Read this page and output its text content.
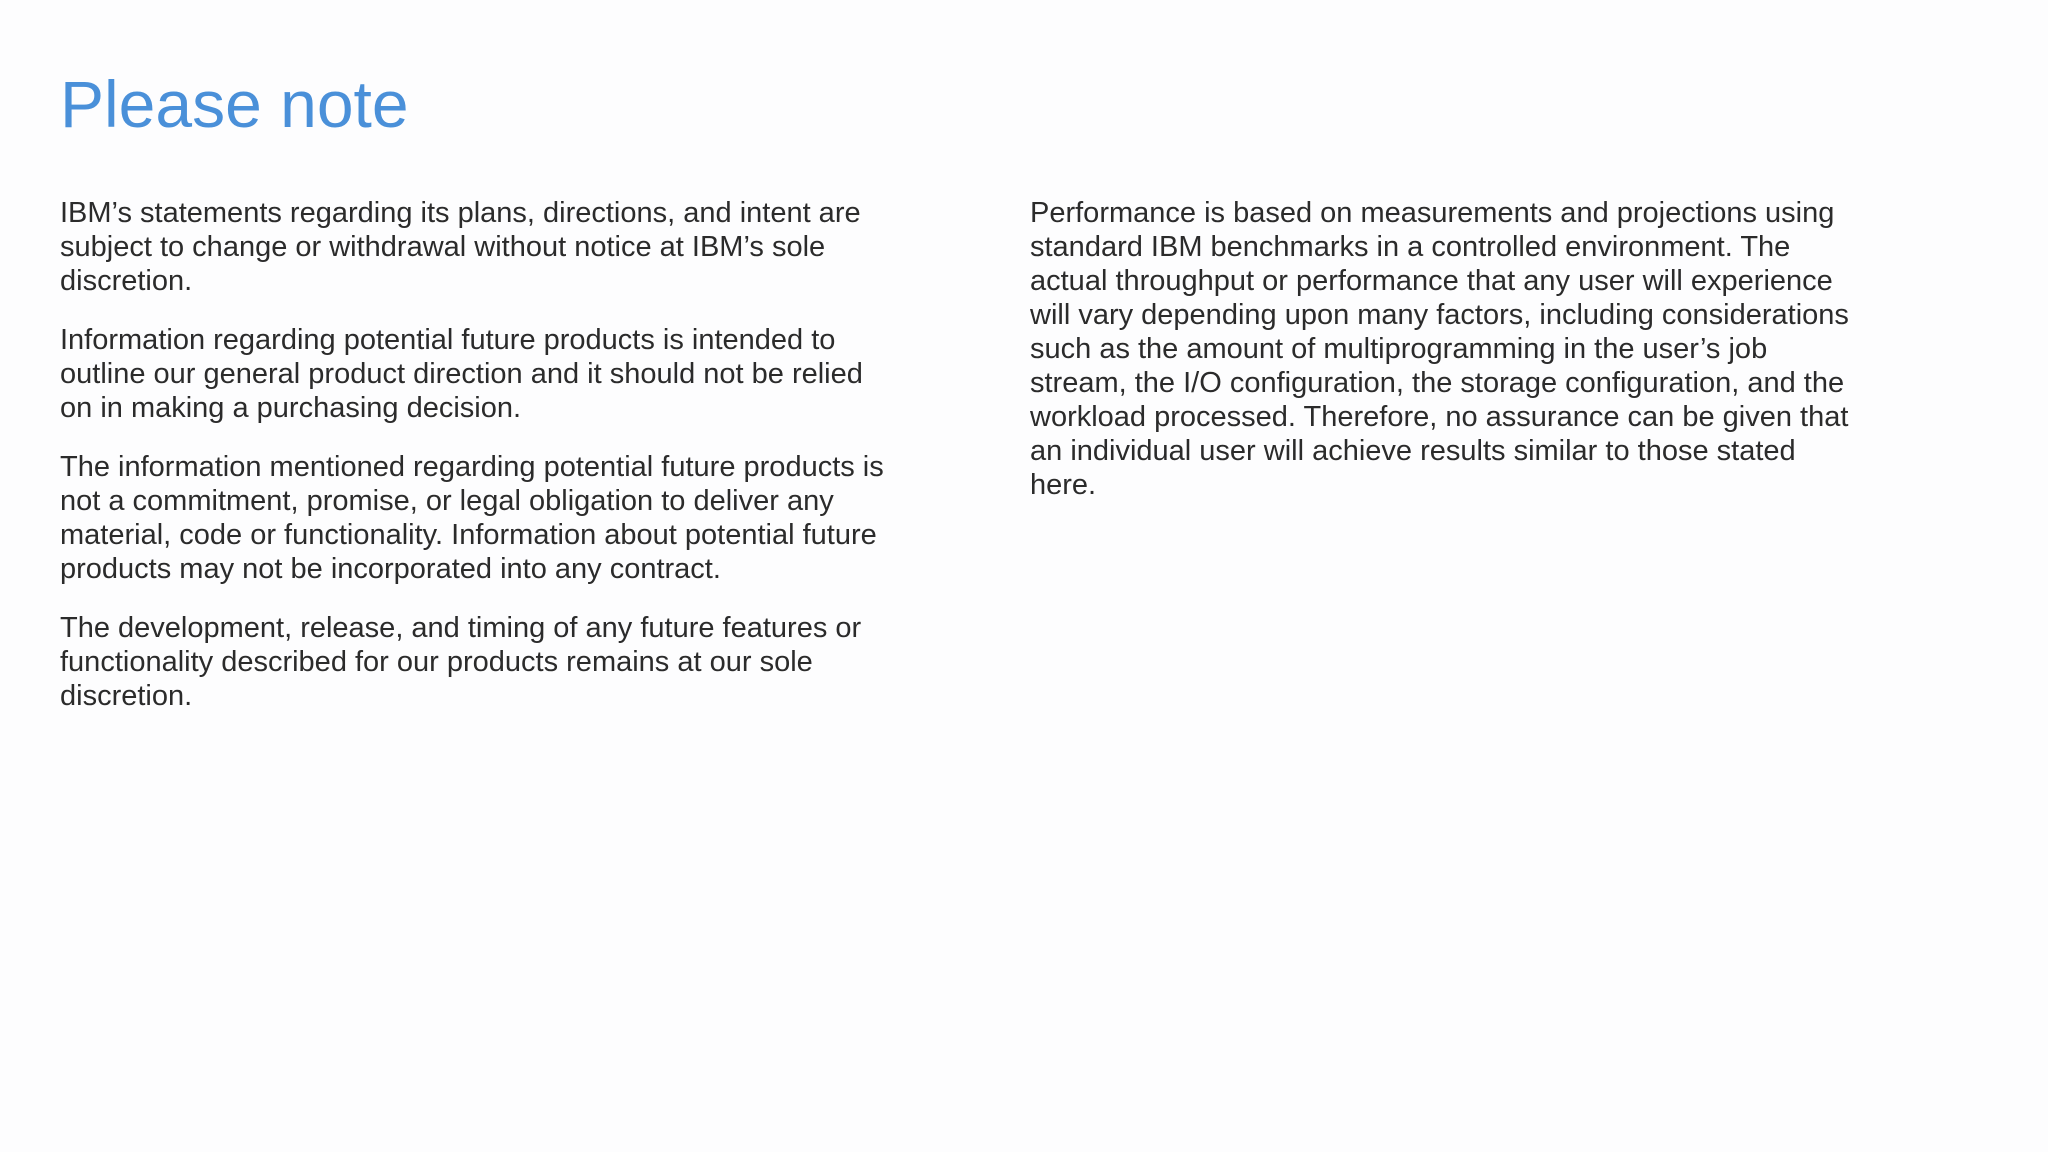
Please note

IBM’s statements regarding its plans, directions, and intent are subject to change or withdrawal without notice at IBM’s sole discretion.

Information regarding potential future products is intended to outline our general product direction and it should not be relied on in making a purchasing decision.

The information mentioned regarding potential future products is not a commitment, promise, or legal obligation to deliver any material, code or functionality. Information about potential future products may not be incorporated into any contract.

The development, release, and timing of any future features or functionality described for our products remains at our sole discretion.

Performance is based on measurements and projections using standard IBM benchmarks in a controlled environment. The actual throughput or performance that any user will experience will vary depending upon many factors, including considerations such as the amount of multiprogramming in the user’s job stream, the I/O configuration, the storage configuration, and the workload processed. Therefore, no assurance can be given that an individual user will achieve results similar to those stated here.
